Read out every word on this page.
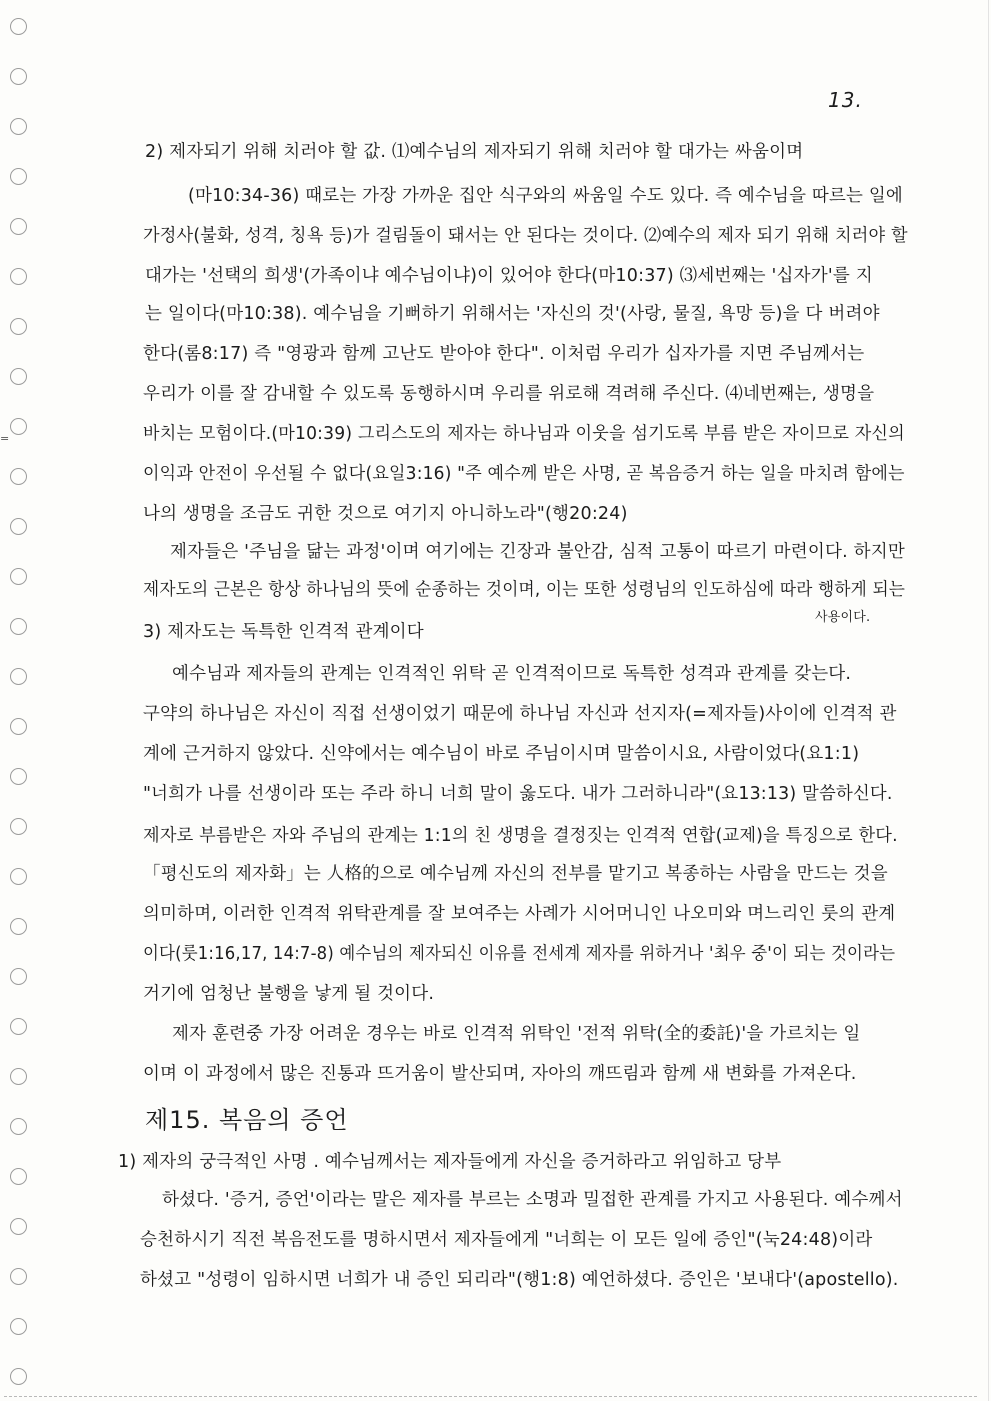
=
13.
2) 제자되기 위해 치러야 할 값. ⑴예수님의 제자되기 위해 치러야 할 대가는 싸움이며
(마10:34-36) 때로는 가장 가까운 집안 식구와의 싸움일 수도 있다. 즉 예수님을 따르는 일에
가정사(불화, 성격, 칭욕 등)가 걸림돌이 돼서는 안 된다는 것이다. ⑵예수의 제자 되기 위해 치러야 할
대가는 '선택의 희생'(가족이냐 예수님이냐)이 있어야 한다(마10:37) ⑶세번째는 '십자가'를 지
는 일이다(마10:38). 예수님을 기뻐하기 위해서는 '자신의 것'(사랑, 물질, 욕망 등)을 다 버려야
한다(롬8:17) 즉 "영광과 함께 고난도 받아야 한다". 이처럼 우리가 십자가를 지면 주님께서는
우리가 이를 잘 감내할 수 있도록 동행하시며 우리를 위로해 격려해 주신다. ⑷네번째는, 생명을
바치는 모험이다.(마10:39) 그리스도의 제자는 하나님과 이웃을 섬기도록 부름 받은 자이므로 자신의
이익과 안전이 우선될 수 없다(요일3:16) "주 예수께 받은 사명, 곧 복음증거 하는 일을 마치려 함에는
나의 생명을 조금도 귀한 것으로 여기지 아니하노라"(행20:24)
제자들은 '주님을 닮는 과정'이며 여기에는 긴장과 불안감, 심적 고통이 따르기 마련이다. 하지만
제자도의 근본은 항상 하나님의 뜻에 순종하는 것이며, 이는 또한 성령님의 인도하심에 따라 행하게 되는
사용이다.
3) 제자도는 독특한 인격적 관계이다
예수님과 제자들의 관계는 인격적인 위탁 곧 인격적이므로 독특한 성격과 관계를 갖는다.
구약의 하나님은 자신이 직접 선생이었기 때문에 하나님 자신과 선지자(=제자들)사이에 인격적 관
계에 근거하지 않았다. 신약에서는 예수님이 바로 주님이시며 말씀이시요, 사람이었다(요1:1)
"너희가 나를 선생이라 또는 주라 하니 너희 말이 옳도다. 내가 그러하니라"(요13:13) 말씀하신다.
제자로 부름받은 자와 주님의 관계는 1:1의 친 생명을 결정짓는 인격적 연합(교제)을 특징으로 한다.
「평신도의 제자화」는 人格的으로 예수님께 자신의 전부를 맡기고 복종하는 사람을 만드는 것을
의미하며, 이러한 인격적 위탁관계를 잘 보여주는 사례가 시어머니인 나오미와 며느리인 룻의 관계
이다(룻1:16,17, 14:7-8) 예수님의 제자되신 이유를 전세계 제자를 위하거나 '최우 중'이 되는 것이라는
거기에 엄청난 불행을 낳게 될 것이다.
제자 훈련중 가장 어려운 경우는 바로 인격적 위탁인 '전적 위탁(全的委託)'을 가르치는 일
이며 이 과정에서 많은 진통과 뜨거움이 발산되며, 자아의 깨뜨림과 함께 새 변화를 가져온다.
제15. 복음의 증언
1) 제자의 궁극적인 사명 . 예수님께서는 제자들에게 자신을 증거하라고 위임하고 당부
하셨다. '증거, 증언'이라는 말은 제자를 부르는 소명과 밀접한 관계를 가지고 사용된다. 예수께서
승천하시기 직전 복음전도를 명하시면서 제자들에게 "너희는 이 모든 일에 증인"(눅24:48)이라
하셨고 "성령이 임하시면 너희가 내 증인 되리라"(행1:8) 예언하셨다. 증인은 '보내다'(apostello).
